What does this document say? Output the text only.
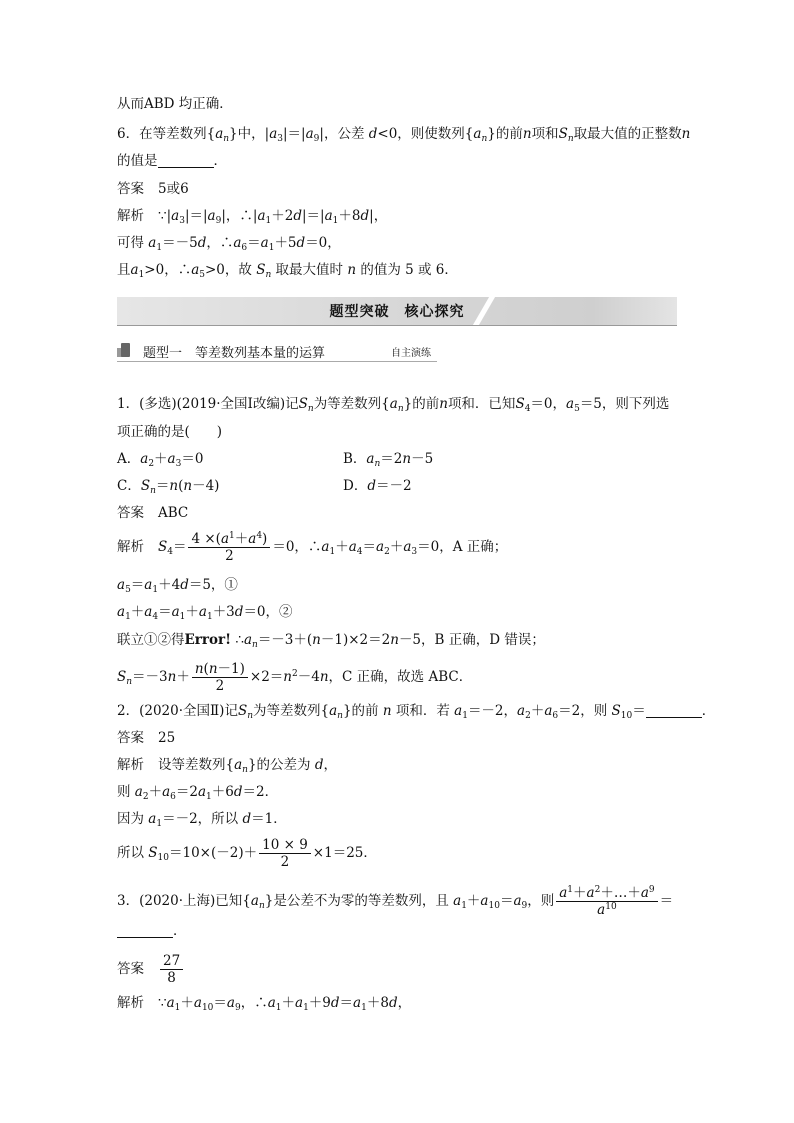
从而ABD 均正确．
6．在等差数列$\{a_n\}$中，$|a_3|=|a_9|$，公差 d<0，则使数列$\{a_n\}$的前n项和$S_n$取最大值的正整数n
的值是	．
答案 5或6
解析 $\because|a_3|=|a_9|$，$\therefore|a_1+2d|=|a_1+8d|$，
可得 $a_1=-5d$，$\therefore a_6=a_1+5d=0$，
且$a_1>0$，$\therefore a_5>0$，故 $S_n$ 取最大值时 n 的值为 5 或 6．
题型突破　核心探究
题型一　等差数列基本量的运算	自主演练
1．(多选)(2019·全国Ⅰ改编)记$S_n$为等差数列$\{a_n\}$的前n项和．已知$S_4=0$，$a_5=5$，则下列选
项正确的是(　　)
A．$a_2+a_3=0$	B．$a_n=2n-5$
C．$S_n=n(n-4)$	D．d＝－2
答案 ABC
解析 $S_4= \frac{4 \times(a^1+a^4)}{2} =0$，$\therefore a_1+a_4=a_2+a_3=0$，A 正确；
$a_5=a_1+4d=5$，①
$a_1+a_4=a_1+a_1+3d=0$，②
联立①②得Error! $\therefore a_n=-3+(n-1)\times 2=2n-5$，B 正确，D 错误；
$S_n=-3n+ \frac{n(n-1)}{2} \times 2=n^2-4n$，C 正确，故选 ABC．
2．(2020·全国Ⅱ)记$S_n$为等差数列$\{a_n\}$的前 n 项和．若 $a_1=-2$，$a_2+a_6=2$，则 $S_{10}=$	．
答案 25
解析 设等差数列$\{a_n\}$的公差为 d，
则 $a_2+a_6=2a_1+6d=2$．
因为 $a_1=-2$，所以 d＝1．
所以 $S_{10}=10\times(-2)+ \frac{10 \times 9}{2} \times 1=25$．
3．(2020·上海)已知$\{a_n\}$是公差不为零的等差数列，且 $a_1+a_{10}=a_9$，则 $\frac{a^1+a^2+\dots+a^9}{a^{10}}$ ＝
．
答案 $\frac{27}{8}$
解析 $\because a_1+a_{10}=a_9$，$\therefore a_1+a_1+9d=a_1+8d$，
